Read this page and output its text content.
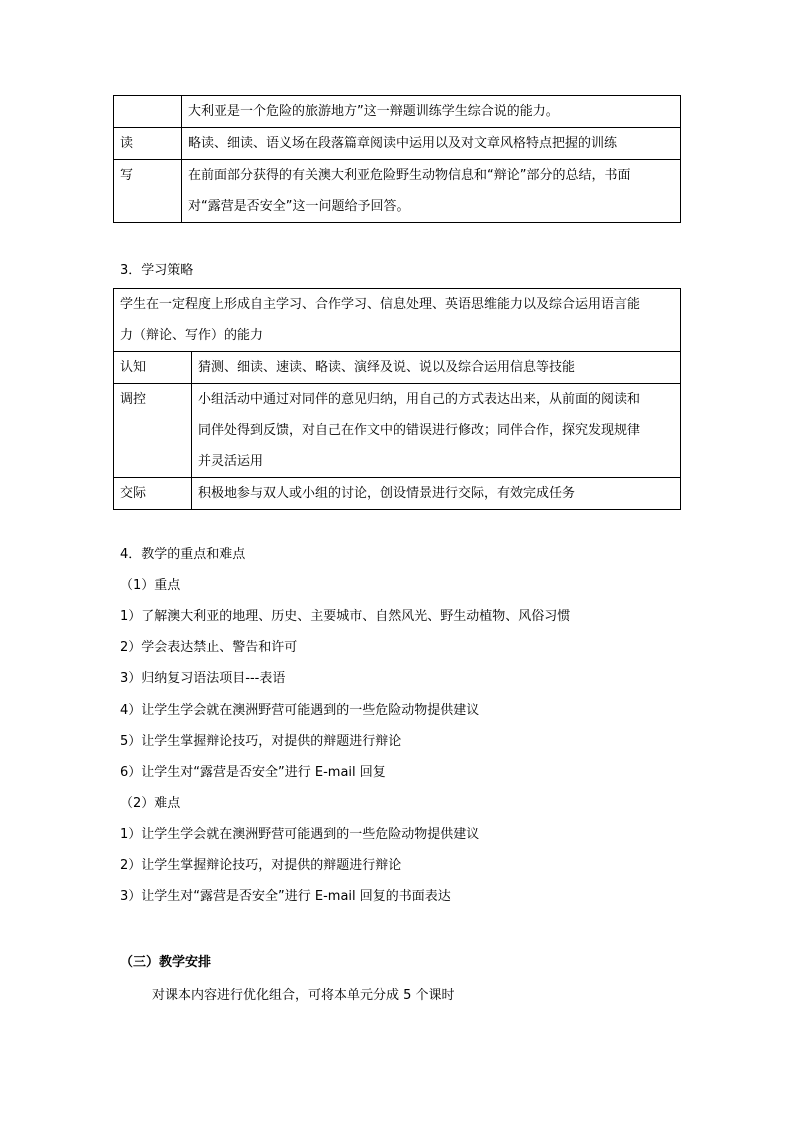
	大利亚是一个危险的旅游地方”这一辩题训练学生综合说的能力。

读	略读、细读、语义场在段落篇章阅读中运用以及对文章风格特点把握的训练

写	在前面部分获得的有关澳大利亚危险野生动物信息和“辩论”部分的总结，书面
对“露营是否安全”这一问题给予回答。
3．学习策略
学生在一定程度上形成自主学习、合作学习、信息处理、英语思维能力以及综合运用语言能
力（辩论、写作）的能力	

认知	猜测、细读、速读、略读、演绎及说、说以及综合运用信息等技能

调控	小组活动中通过对同伴的意见归纳，用自己的方式表达出来，从前面的阅读和
同伴处得到反馈，对自己在作文中的错误进行修改；同伴合作，探究发现规律
并灵活运用

交际	积极地参与双人或小组的讨论，创设情景进行交际，有效完成任务
4．教学的重点和难点
（1）重点
1）了解澳大利亚的地理、历史、主要城市、自然风光、野生动植物、风俗习惯
2）学会表达禁止、警告和许可
3）归纳复习语法项目---表语
4）让学生学会就在澳洲野营可能遇到的一些危险动物提供建议
5）让学生掌握辩论技巧，对提供的辩题进行辩论
6）让学生对“露营是否安全”进行 E-mail 回复
（2）难点
1）让学生学会就在澳洲野营可能遇到的一些危险动物提供建议
2）让学生掌握辩论技巧，对提供的辩题进行辩论
3）让学生对“露营是否安全”进行 E-mail 回复的书面表达
（三）教学安排
对课本内容进行优化组合，可将本单元分成 5 个课时
